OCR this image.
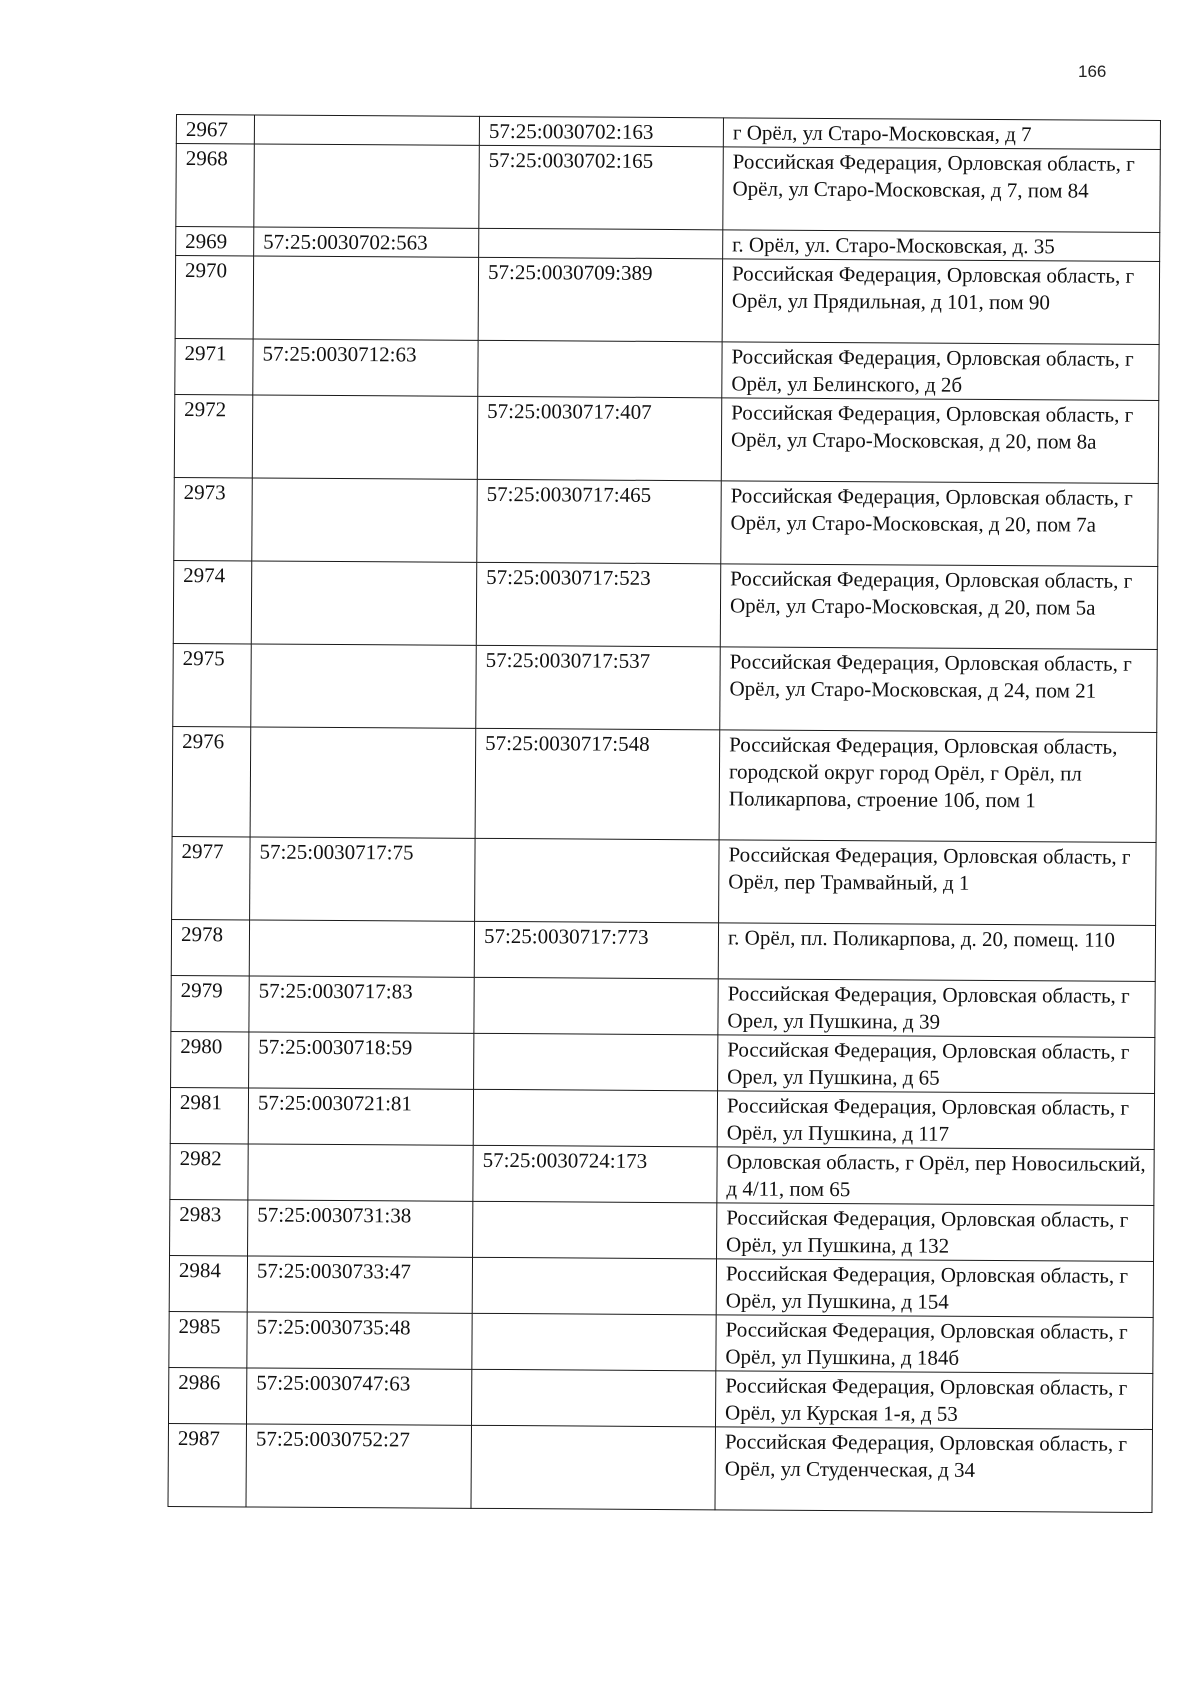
166
2967		57:25:0030702:163	г Орёл, ул Старо-Московская, д 7
2968		57:25:0030702:165	Российская Федерация, Орловская область, г Орёл, ул Старо-Московская, д 7, пом 84
2969	57:25:0030702:563		г. Орёл, ул. Старо-Московская, д. 35
2970		57:25:0030709:389	Российская Федерация, Орловская область, г Орёл, ул Прядильная, д 101, пом 90
2971	57:25:0030712:63		Российская Федерация, Орловская область, г Орёл, ул Белинского, д 2б
2972		57:25:0030717:407	Российская Федерация, Орловская область, г Орёл, ул Старо-Московская, д 20, пом 8а
2973		57:25:0030717:465	Российская Федерация, Орловская область, г Орёл, ул Старо-Московская, д 20, пом 7а
2974		57:25:0030717:523	Российская Федерация, Орловская область, г Орёл, ул Старо-Московская, д 20, пом 5а
2975		57:25:0030717:537	Российская Федерация, Орловская область, г Орёл, ул Старо-Московская, д 24, пом 21
2976		57:25:0030717:548	Российская Федерация, Орловская область, городской округ город Орёл, г Орёл, пл Поликарпова, строение 10б, пом 1
2977	57:25:0030717:75		Российская Федерация, Орловская область, г Орёл, пер Трамвайный, д 1
2978		57:25:0030717:773	г. Орёл, пл. Поликарпова, д. 20, помещ. 110
2979	57:25:0030717:83		Российская Федерация, Орловская область, г Орел, ул Пушкина, д 39
2980	57:25:0030718:59		Российская Федерация, Орловская область, г Орел, ул Пушкина, д 65
2981	57:25:0030721:81		Российская Федерация, Орловская область, г Орёл, ул Пушкина, д 117
2982		57:25:0030724:173	Орловская область, г Орёл, пер Новосильский, д 4/11, пом 65
2983	57:25:0030731:38		Российская Федерация, Орловская область, г Орёл, ул Пушкина, д 132
2984	57:25:0030733:47		Российская Федерация, Орловская область, г Орёл, ул Пушкина, д 154
2985	57:25:0030735:48		Российская Федерация, Орловская область, г Орёл, ул Пушкина, д 184б
2986	57:25:0030747:63		Российская Федерация, Орловская область, г Орёл, ул Курская 1-я, д 53
2987	57:25:0030752:27		Российская Федерация, Орловская область, г Орёл, ул Студенческая, д 34
